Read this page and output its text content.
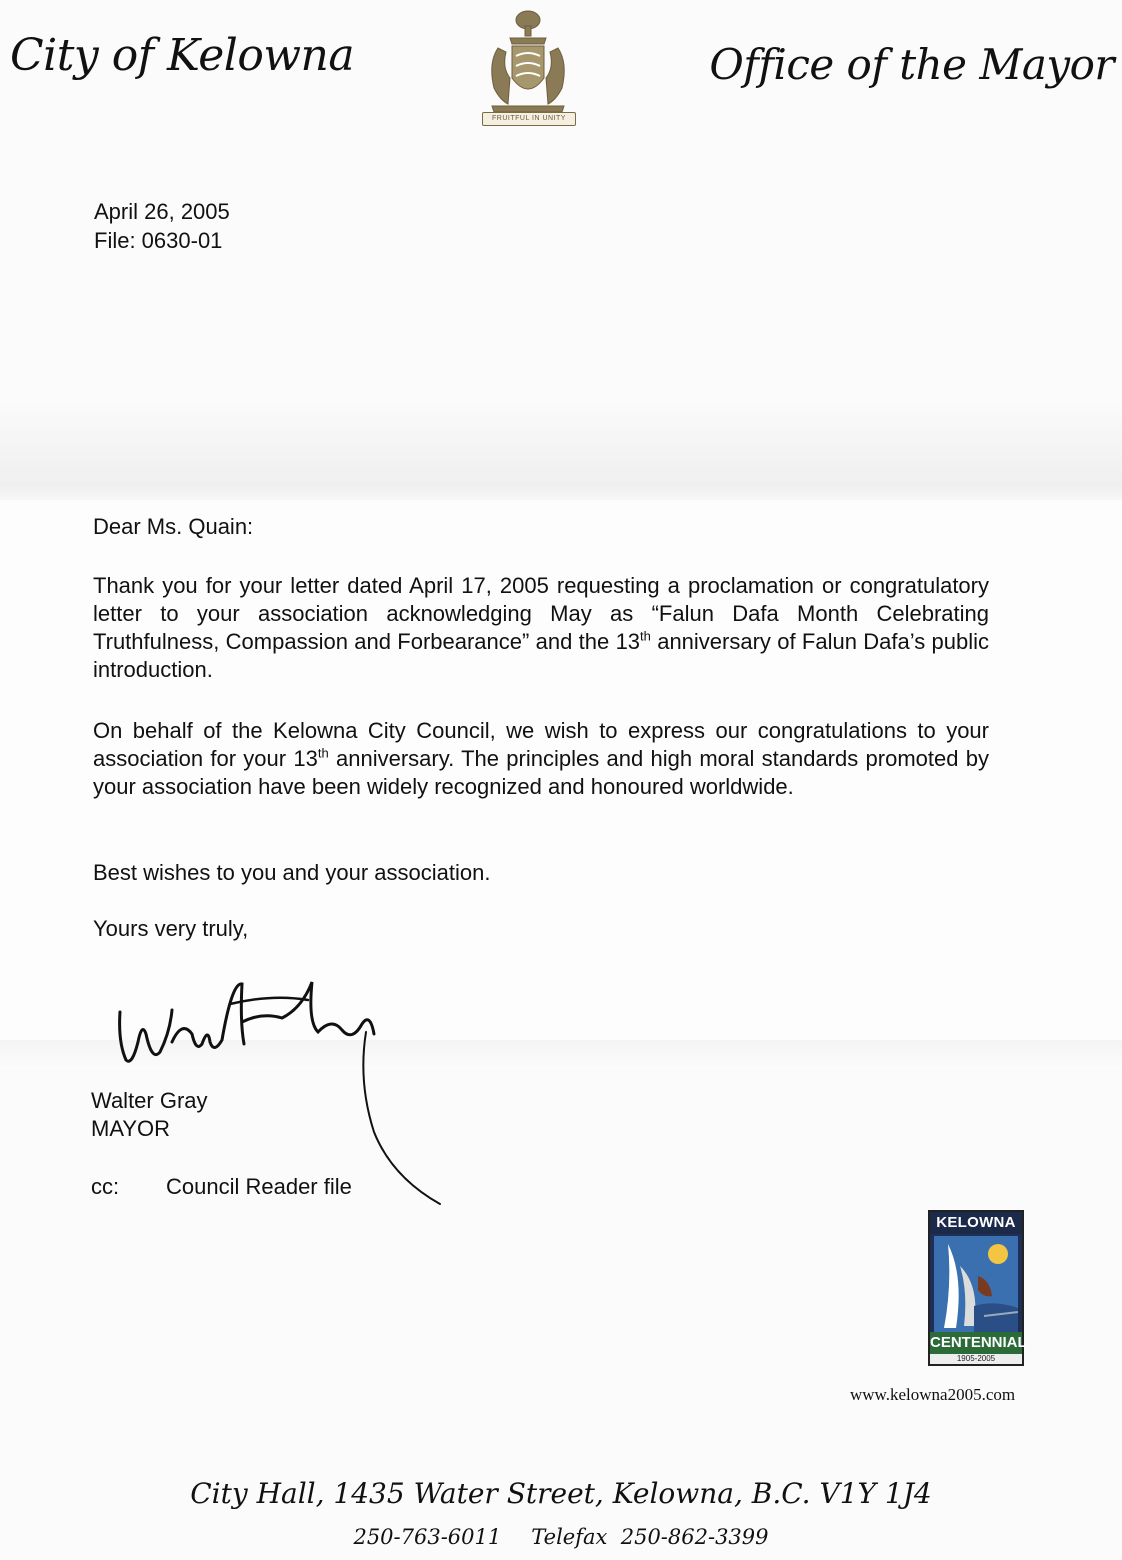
City of Kelowna	Office of the Mayor
FRUITFUL IN UNITY
April 26, 2005
File: 0630-01
Dear Ms. Quain:
Thank you for your letter dated April 17, 2005 requesting a proclamation or congratulatory letter to your association acknowledging May as “Falun Dafa Month Celebrating Truthfulness, Compassion and Forbearance” and the 13th anniversary of Falun Dafa’s public introduction.
On behalf of the Kelowna City Council, we wish to express our congratulations to your association for your 13th anniversary. The principles and high moral standards promoted by your association have been widely recognized and honoured worldwide.
Best wishes to you and your association.
Yours very truly,
Walter Gray
MAYOR
cc: Council Reader file
KELOWNA
CENTENNIAL
1905-2005
www.kelowna2005.com
City Hall, 1435 Water Street, Kelowna, B.C. V1Y 1J4
250-763-6011 Telefax 250-862-3399
